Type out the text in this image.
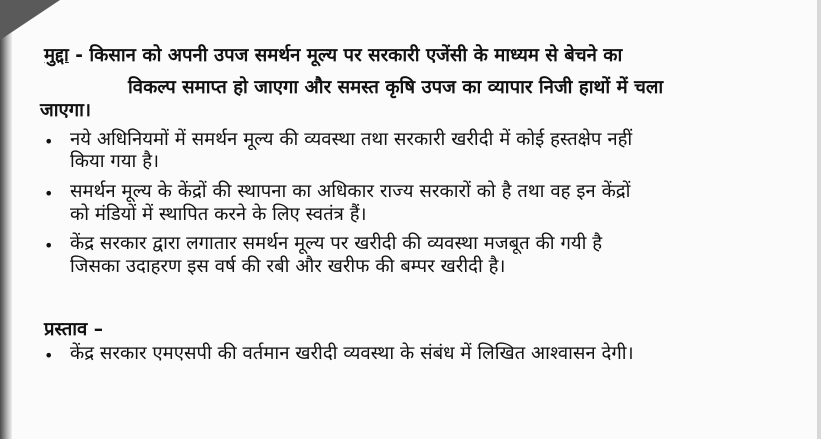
मुद्दा - किसान को अपनी उपज समर्थन मूल्य पर सरकारी एजेंसी के माध्यम से बेचने का
विकल्प समाप्त हो जाएगा और समस्त कृषि उपज का व्यापार निजी हाथों में चला
जाएगा।
• नये अधिनियमों में समर्थन मूल्य की व्यवस्था तथा सरकारी खरीदी में कोई हस्तक्षेप नहीं
किया गया है।
• समर्थन मूल्य के केंद्रों की स्थापना का अधिकार राज्य सरकारों को है तथा वह इन केंद्रों
को मंडियों में स्थापित करने के लिए स्वतंत्र हैं।
• केंद्र सरकार द्वारा लगातार समर्थन मूल्य पर खरीदी की व्यवस्था मजबूत की गयी है
जिसका उदाहरण इस वर्ष की रबी और खरीफ की बम्पर खरीदी है।
प्रस्ताव –
• केंद्र सरकार एमएसपी की वर्तमान खरीदी व्यवस्था के संबंध में लिखित आश्वासन देगी।
